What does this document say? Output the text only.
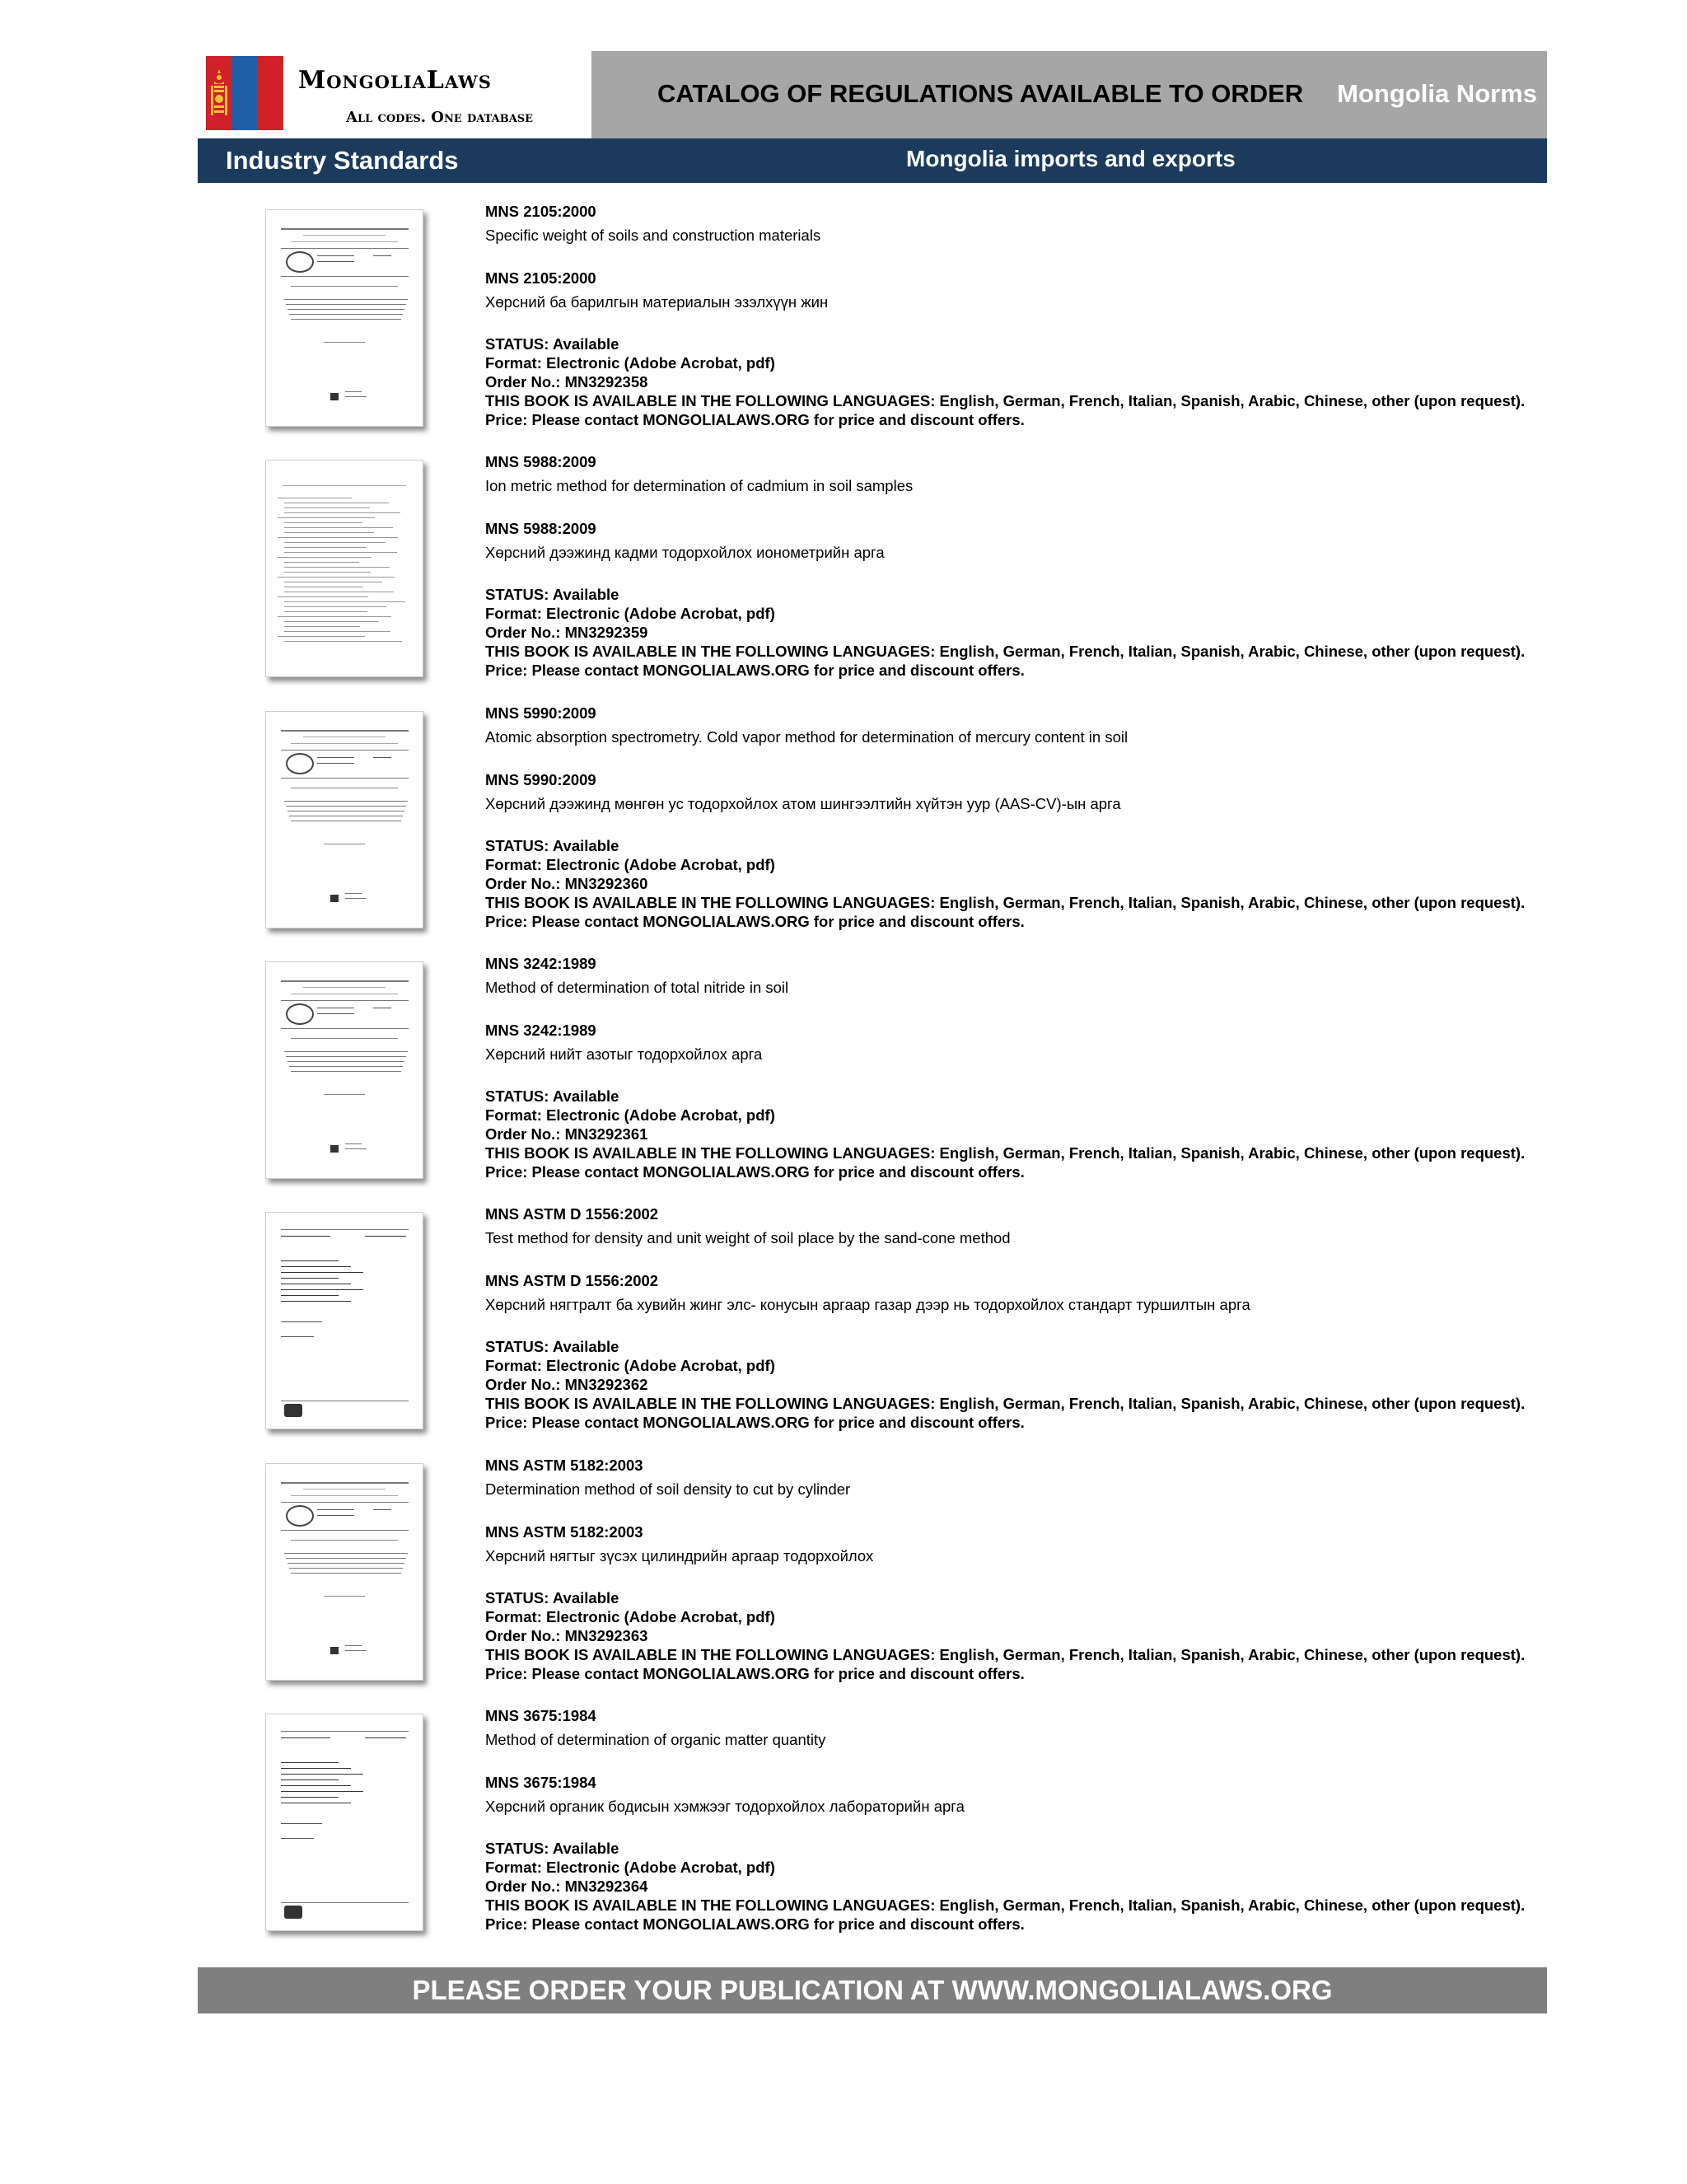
MongoliaLaws
All codes. One database
CATALOG OF REGULATIONS AVAILABLE TO ORDER Mongolia Norms
Industry Standards	Mongolia imports and exports
MNS 2105:2000
Specific weight of soils and construction materials
MNS 2105:2000
Хөрсний ба барилгын материалын эзэлхүүн жин
STATUS: Available
Format: Electronic (Adobe Acrobat, pdf)
Order No.: MN3292358
THIS BOOK IS AVAILABLE IN THE FOLLOWING LANGUAGES: English, German, French, Italian, Spanish, Arabic, Chinese, other (upon request).
Price: Please contact MONGOLIALAWS.ORG for price and discount offers.
MNS 5988:2009
Ion metric method for determination of cadmium in soil samples
MNS 5988:2009
Хөрсний дээжинд кадми тодорхойлох ионометрийн арга
STATUS: Available
Format: Electronic (Adobe Acrobat, pdf)
Order No.: MN3292359
THIS BOOK IS AVAILABLE IN THE FOLLOWING LANGUAGES: English, German, French, Italian, Spanish, Arabic, Chinese, other (upon request).
Price: Please contact MONGOLIALAWS.ORG for price and discount offers.
MNS 5990:2009
Atomic absorption spectrometry. Cold vapor method for determination of mercury content in soil
MNS 5990:2009
Хөрсний дээжинд мөнгөн ус тодорхойлох атом шингээлтийн хүйтэн уур (AAS-CV)-ын арга
STATUS: Available
Format: Electronic (Adobe Acrobat, pdf)
Order No.: MN3292360
THIS BOOK IS AVAILABLE IN THE FOLLOWING LANGUAGES: English, German, French, Italian, Spanish, Arabic, Chinese, other (upon request).
Price: Please contact MONGOLIALAWS.ORG for price and discount offers.
MNS 3242:1989
Method of determination of total nitride in soil
MNS 3242:1989
Хөрсний нийт азотыг тодорхойлох арга
STATUS: Available
Format: Electronic (Adobe Acrobat, pdf)
Order No.: MN3292361
THIS BOOK IS AVAILABLE IN THE FOLLOWING LANGUAGES: English, German, French, Italian, Spanish, Arabic, Chinese, other (upon request).
Price: Please contact MONGOLIALAWS.ORG for price and discount offers.
MNS ASTM D 1556:2002
Test method for density and unit weight of soil place by the sand-cone method
MNS ASTM D 1556:2002
Хөрсний нягтралт ба хувийн жинг элс- конусын аргаар газар дээр нь тодорхойлох стандарт туршилтын арга
STATUS: Available
Format: Electronic (Adobe Acrobat, pdf)
Order No.: MN3292362
THIS BOOK IS AVAILABLE IN THE FOLLOWING LANGUAGES: English, German, French, Italian, Spanish, Arabic, Chinese, other (upon request).
Price: Please contact MONGOLIALAWS.ORG for price and discount offers.
MNS ASTM 5182:2003
Determination method of soil density to cut by cylinder
MNS ASTM 5182:2003
Хөрсний нягтыг зүсэх цилиндрийн аргаар тодорхойлох
STATUS: Available
Format: Electronic (Adobe Acrobat, pdf)
Order No.: MN3292363
THIS BOOK IS AVAILABLE IN THE FOLLOWING LANGUAGES: English, German, French, Italian, Spanish, Arabic, Chinese, other (upon request).
Price: Please contact MONGOLIALAWS.ORG for price and discount offers.
MNS 3675:1984
Method of determination of organic matter quantity
MNS 3675:1984
Хөрсний органик бодисын хэмжээг тодорхойлох лабораторийн арга
STATUS: Available
Format: Electronic (Adobe Acrobat, pdf)
Order No.: MN3292364
THIS BOOK IS AVAILABLE IN THE FOLLOWING LANGUAGES: English, German, French, Italian, Spanish, Arabic, Chinese, other (upon request).
Price: Please contact MONGOLIALAWS.ORG for price and discount offers.
PLEASE ORDER YOUR PUBLICATION AT WWW.MONGOLIALAWS.ORG
